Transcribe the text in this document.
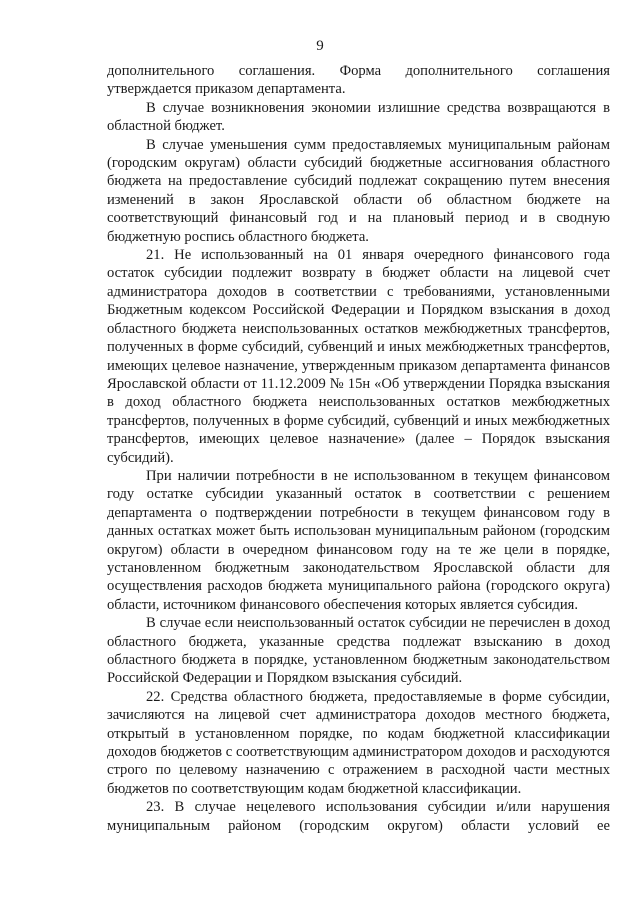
9

дополнительного соглашения. Форма дополнительного соглашения утверждается приказом департамента.

В случае возникновения экономии излишние средства возвращаются в областной бюджет.

В случае уменьшения сумм предоставляемых муниципальным районам (городским округам) области субсидий бюджетные ассигнования областного бюджета на предоставление субсидий подлежат сокращению путем внесения изменений в закон Ярославской области об областном бюджете на соответствующий финансовый год и на плановый период и в сводную бюджетную роспись областного бюджета.

21. Не использованный на 01 января очередного финансового года остаток субсидии подлежит возврату в бюджет области на лицевой счет администратора доходов в соответствии с требованиями, установленными Бюджетным кодексом Российской Федерации и Порядком взыскания в доход областного бюджета неиспользованных остатков межбюджетных трансфертов, полученных в форме субсидий, субвенций и иных межбюджетных трансфертов, имеющих целевое назначение, утвержденным приказом департамента финансов Ярославской области от 11.12.2009 № 15н «Об утверждении Порядка взыскания в доход областного бюджета неиспользованных остатков межбюджетных трансфертов, полученных в форме субсидий, субвенций и иных межбюджетных трансфертов, имеющих целевое назначение» (далее – Порядок взыскания субсидий).

При наличии потребности в не использованном в текущем финансовом году остатке субсидии указанный остаток в соответствии с решением департамента о подтверждении потребности в текущем финансовом году в данных остатках может быть использован муниципальным районом (городским округом) области в очередном финансовом году на те же цели в порядке, установленном бюджетным законодательством Ярославской области для осуществления расходов бюджета муниципального района (городского округа) области, источником финансового обеспечения которых является субсидия.

В случае если неиспользованный остаток субсидии не перечислен в доход областного бюджета, указанные средства подлежат взысканию в доход областного бюджета в порядке, установленном бюджетным законодательством Российской Федерации и Порядком взыскания субсидий.

22. Средства областного бюджета, предоставляемые в форме субсидии, зачисляются на лицевой счет администратора доходов местного бюджета, открытый в установленном порядке, по кодам бюджетной классификации доходов бюджетов с соответствующим администратором доходов и расходуются строго по целевому назначению с отражением в расходной части местных бюджетов по соответствующим кодам бюджетной классификации.

23. В случае нецелевого использования субсидии и/или нарушения муниципальным районом (городским округом) области условий ее
